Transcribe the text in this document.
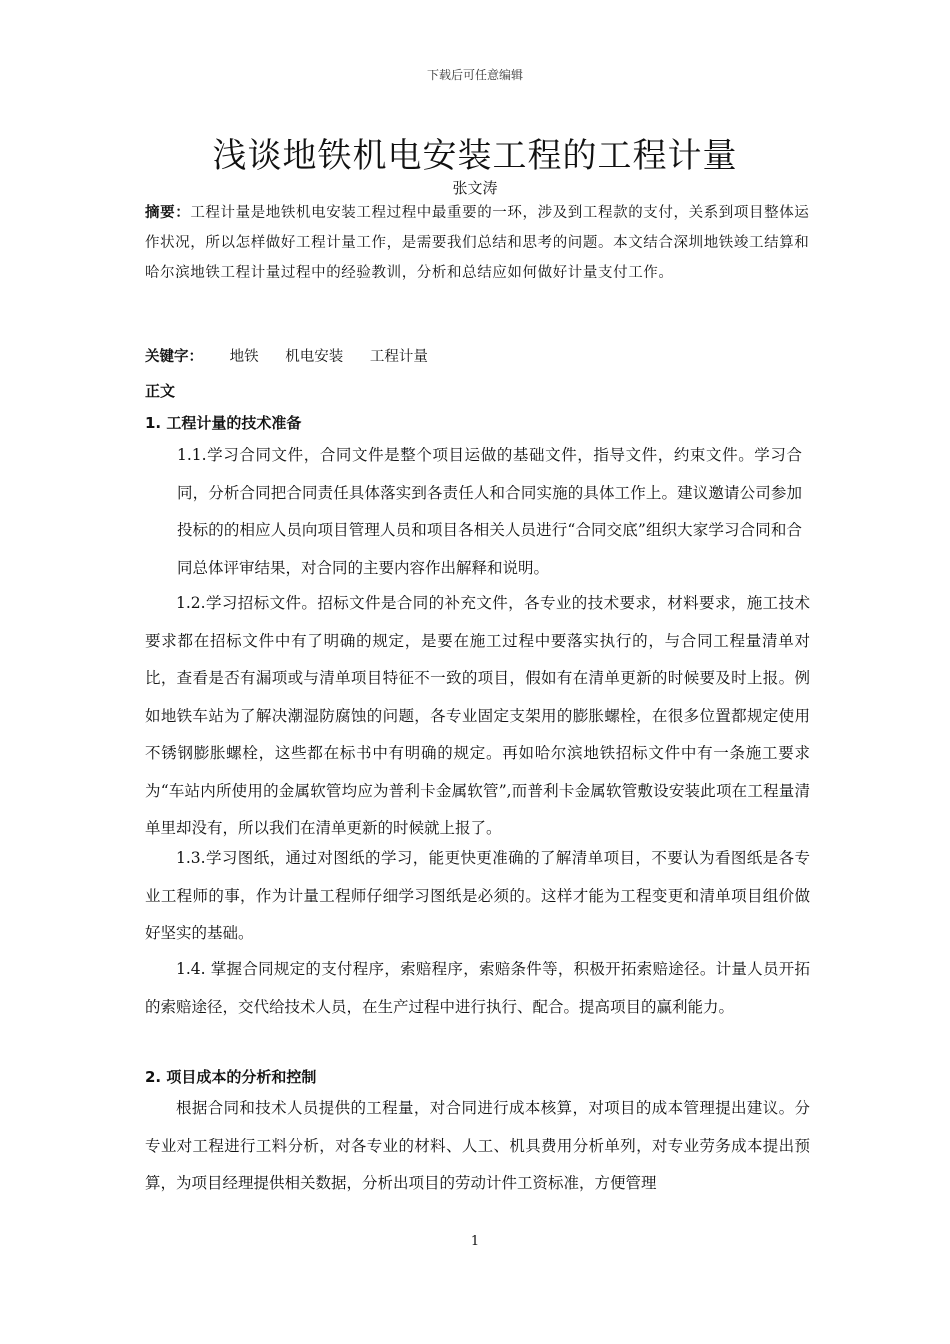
下载后可任意编辑
浅谈地铁机电安装工程的工程计量
张文涛
摘要：工程计量是地铁机电安装工程过程中最重要的一环，涉及到工程款的支付，关系到项目整体运作状况，所以怎样做好工程计量工作，是需要我们总结和思考的问题。本文结合深圳地铁竣工结算和哈尔滨地铁工程计量过程中的经验教训，分析和总结应如何做好计量支付工作。
关键字： 地铁 机电安装 工程计量
正文
1. 工程计量的技术准备
1.1.学习合同文件，合同文件是整个项目运做的基础文件，指导文件，约束文件。学习合同，分析合同把合同责任具体落实到各责任人和合同实施的具体工作上。建议邀请公司参加投标的的相应人员向项目管理人员和项目各相关人员进行“合同交底”组织大家学习合同和合同总体评审结果，对合同的主要内容作出解释和说明。
1.2.学习招标文件。招标文件是合同的补充文件，各专业的技术要求，材料要求，施工技术要求都在招标文件中有了明确的规定，是要在施工过程中要落实执行的，与合同工程量清单对比，查看是否有漏项或与清单项目特征不一致的项目，假如有在清单更新的时候要及时上报。例如地铁车站为了解决潮湿防腐蚀的问题，各专业固定支架用的膨胀螺栓，在很多位置都规定使用不锈钢膨胀螺栓，这些都在标书中有明确的规定。再如哈尔滨地铁招标文件中有一条施工要求为“车站内所使用的金属软管均应为普利卡金属软管”,而普利卡金属软管敷设安装此项在工程量清单里却没有，所以我们在清单更新的时候就上报了。
1.3.学习图纸，通过对图纸的学习，能更快更准确的了解清单项目，不要认为看图纸是各专业工程师的事，作为计量工程师仔细学习图纸是必须的。这样才能为工程变更和清单项目组价做好坚实的基础。
1.4. 掌握合同规定的支付程序，索赔程序，索赔条件等，积极开拓索赔途径。计量人员开拓的索赔途径，交代给技术人员，在生产过程中进行执行、配合。提高项目的赢利能力。
2. 项目成本的分析和控制
根据合同和技术人员提供的工程量，对合同进行成本核算，对项目的成本管理提出建议。分专业对工程进行工料分析，对各专业的材料、人工、机具费用分析单列，对专业劳务成本提出预算，为项目经理提供相关数据，分析出项目的劳动计件工资标准，方便管理
1
